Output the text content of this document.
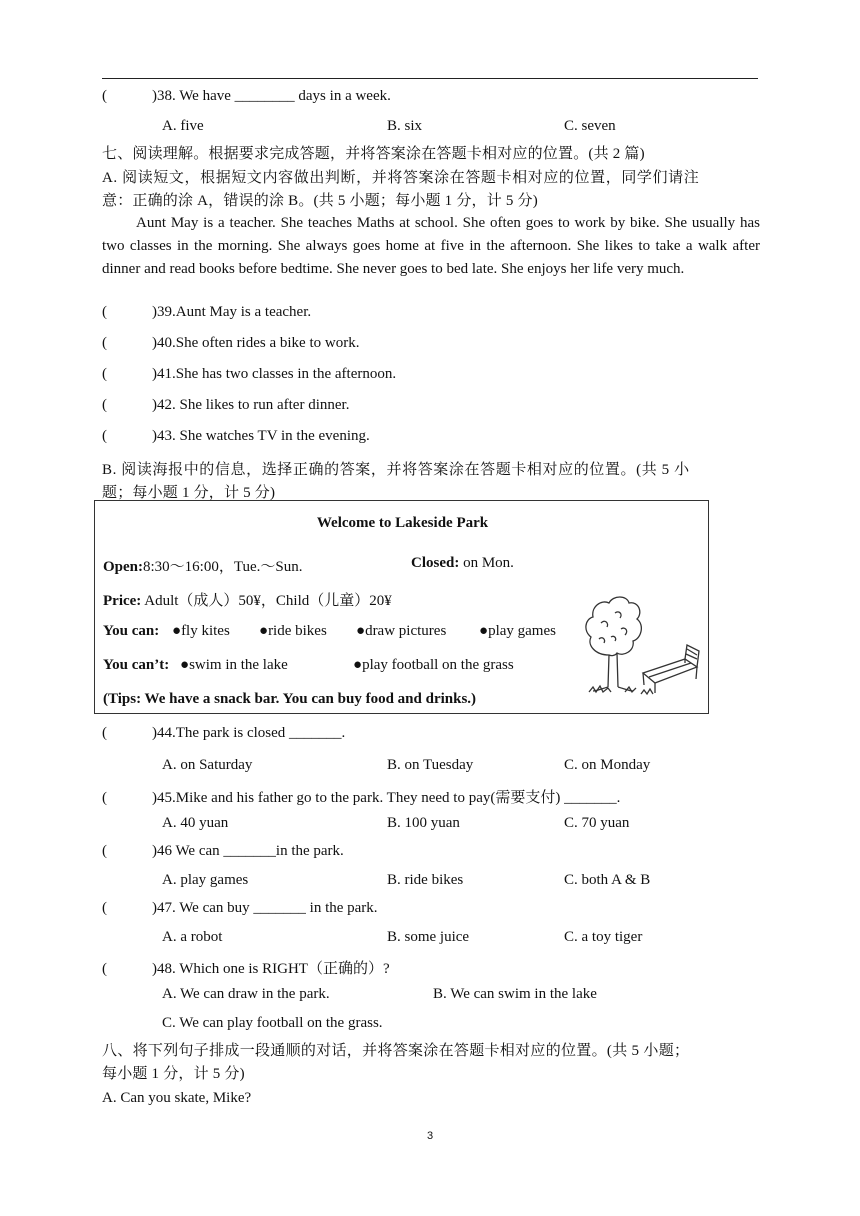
(	)38. We have ________ days in a week.
A. five	B. six	C. seven
七、阅读理解。根据要求完成答题，并将答案涂在答题卡相对应的位置。(共 2 篇)
A. 阅读短文，根据短文内容做出判断，并将答案涂在答题卡相对应的位置，同学们请注
意：正确的涂 A，错误的涂 B。(共 5 小题；每小题 1 分，计 5 分)
Aunt May is a teacher. She teaches Maths at school. She often goes to work by bike. She usually has two classes in the morning. She always goes home at five in the afternoon. She likes to take a walk after dinner and read books before bedtime. She never goes to bed late. She enjoys her life very much.
(	)39.Aunt May is a teacher.
(	)40.She often rides a bike to work.
(	)41.She has two classes in the afternoon.
(	)42. She likes to run after dinner.
(	)43. She watches TV in the evening.
B. 阅读海报中的信息，选择正确的答案，并将答案涂在答题卡相对应的位置。(共 5 小
题；每小题 1 分，计 5 分)
Welcome to Lakeside Park
Open:8:30～16:00，Tue.～Sun.	Closed: on Mon.
Price: Adult（成人）50¥，Child（儿童）20¥
You can: ●fly kites ●ride bikes ●draw pictures ●play games
You can’t: ●swim in the lake	●play football on the grass
(Tips: We have a snack bar. You can buy food and drinks.)
(	)44.The park is closed _______.
A. on Saturday	B. on Tuesday	C. on Monday
(	)45.Mike and his father go to the park. They need to pay(需要支付) _______.
A. 40 yuan	B. 100 yuan	C. 70 yuan
(	)46 We can _______in the park.
A. play games	B. ride bikes	C. both A & B
(	)47. We can buy _______ in the park.
A. a robot	B. some juice	C. a toy tiger
(	)48. Which one is RIGHT（正确的）?
A. We can draw in the park.	B. We can swim in the lake
C. We can play football on the grass.
八、将下列句子排成一段通顺的对话，并将答案涂在答题卡相对应的位置。(共 5 小题；
每小题 1 分，计 5 分)
A. Can you skate, Mike?
3
